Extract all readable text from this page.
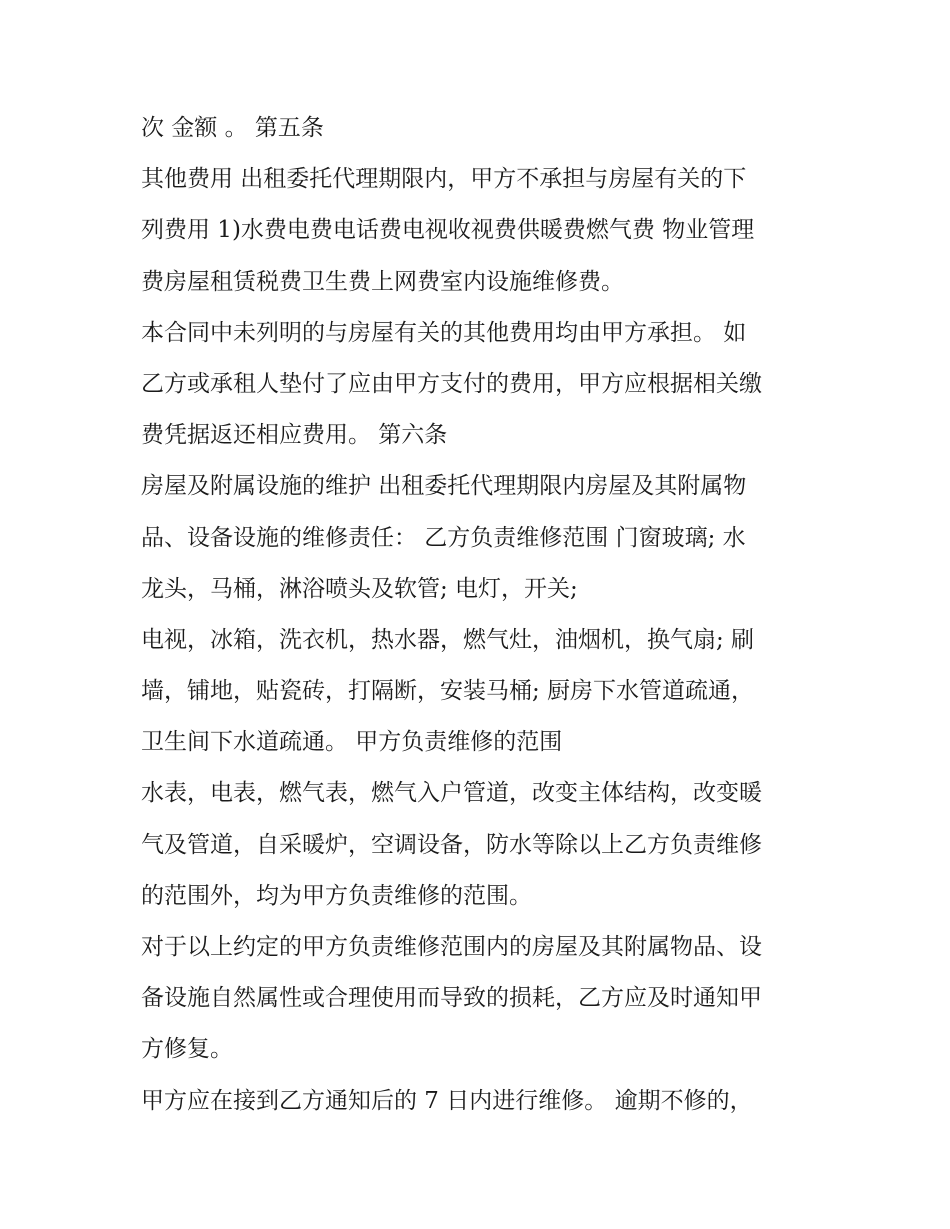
次 金额 。 第五条
其他费用 出租委托代理期限内，甲方不承担与房屋有关的下
列费用 1)水费电费电话费电视收视费供暖费燃气费 物业管理
费房屋租赁税费卫生费上网费室内设施维修费。
本合同中未列明的与房屋有关的其他费用均由甲方承担。 如
乙方或承租人垫付了应由甲方支付的费用，甲方应根据相关缴
费凭据返还相应费用。 第六条
房屋及附属设施的维护 出租委托代理期限内房屋及其附属物
品、设备设施的维修责任： 乙方负责维修范围 门窗玻璃; 水
龙头，马桶，淋浴喷头及软管; 电灯，开关;
电视，冰箱，洗衣机，热水器，燃气灶，油烟机，换气扇; 刷
墙，铺地，贴瓷砖，打隔断，安装马桶; 厨房下水管道疏通，
卫生间下水道疏通。 甲方负责维修的范围
水表，电表，燃气表，燃气入户管道，改变主体结构，改变暖
气及管道，自采暖炉，空调设备，防水等除以上乙方负责维修
的范围外，均为甲方负责维修的范围。
对于以上约定的甲方负责维修范围内的房屋及其附属物品、设
备设施自然属性或合理使用而导致的损耗，乙方应及时通知甲
方修复。
甲方应在接到乙方通知后的 7 日内进行维修。 逾期不修的，
